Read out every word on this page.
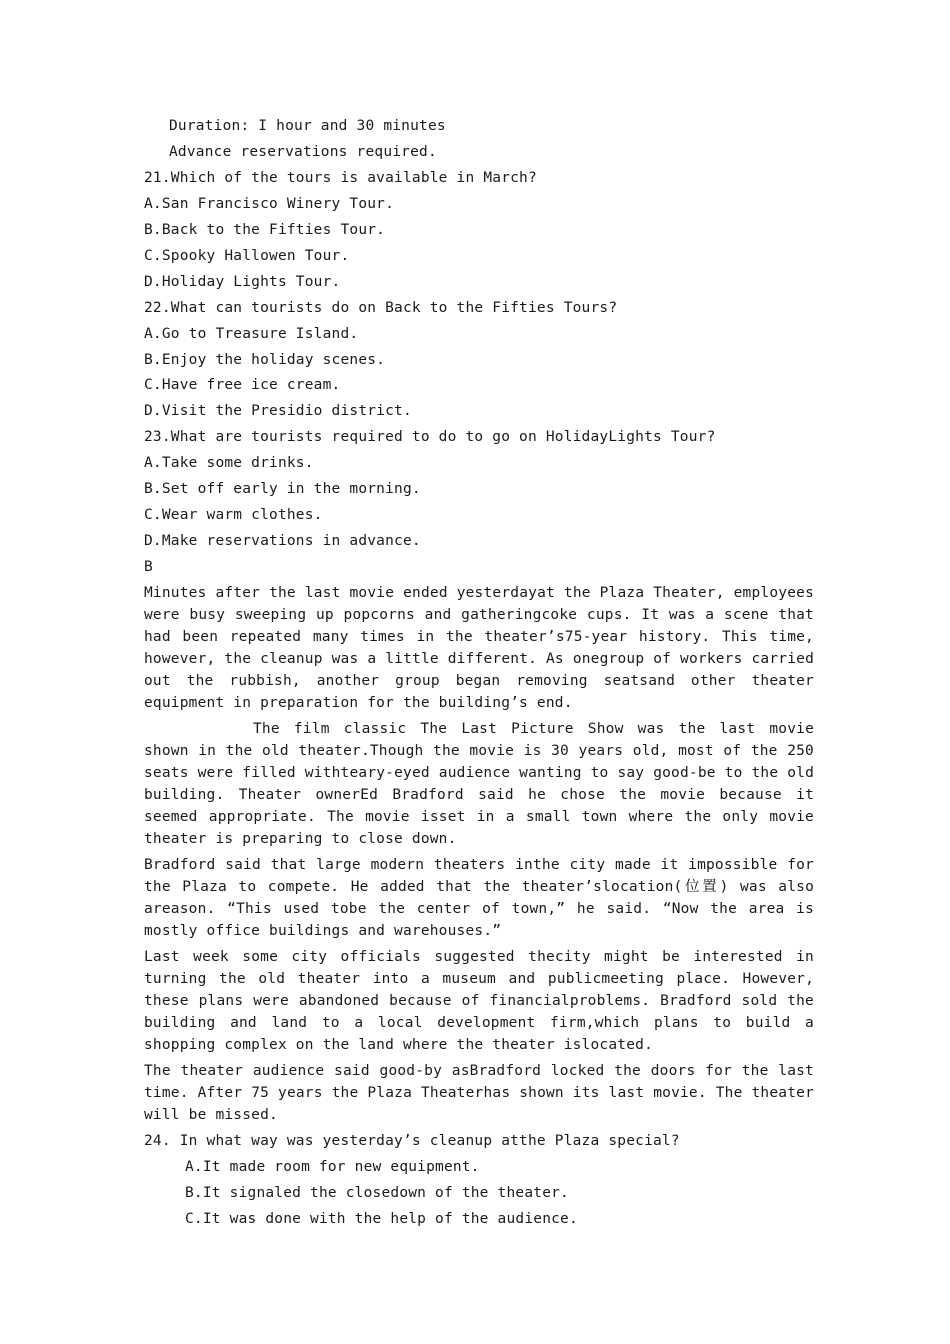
Duration: I hour and 30 minutes
Advance reservations required.
21.Which of the tours is available in March?
A.San Francisco Winery Tour.
B.Back to the Fifties Tour.
C.Spooky Hallowen Tour.
D.Holiday Lights Tour.
22.What can tourists do on Back to the Fifties Tours?
A.Go to Treasure Island.
B.Enjoy the holiday scenes.
C.Have free ice cream.
D.Visit the Presidio district.
23.What are tourists required to do to go on HolidayLights Tour?
A.Take some drinks.
B.Set off early in the morning.
C.Wear warm clothes.
D.Make reservations in advance.
B
Minutes after the last movie ended yesterdayat the Plaza Theater, employees were busy sweeping up popcorns and gatheringcoke cups. It was a scene that had been repeated many times in the theater’s75-year history. This time, however, the cleanup was a little different. As onegroup of workers carried out the rubbish, another group began removing seatsand other theater equipment in preparation for the building’s end.
The film classic The Last Picture Show was the last movie shown in the old theater.Though the movie is 30 years old, most of the 250 seats were filled withteary-eyed audience wanting to say good-be to the old building. Theater ownerEd Bradford said he chose the movie because it seemed appropriate. The movie isset in a small town where the only movie theater is preparing to close down.
Bradford said that large modern theaters inthe city made it impossible for the Plaza to compete. He added that the theater’slocation(位置) was also areason. “This used tobe the center of town,” he said. “Now the area is mostly office buildings and warehouses.”
Last week some city officials suggested thecity might be interested in turning the old theater into a museum and publicmeeting place. However, these plans were abandoned because of financialproblems. Bradford sold the building and land to a local development firm,which plans to build a shopping complex on the land where the theater islocated.
The theater audience said good-by asBradford locked the doors for the last time. After 75 years the Plaza Theaterhas shown its last movie. The theater will be missed.
24. In what way was yesterday’s cleanup atthe Plaza special?
A.It made room for new equipment.
B.It signaled the closedown of the theater.
C.It was done with the help of the audience.
